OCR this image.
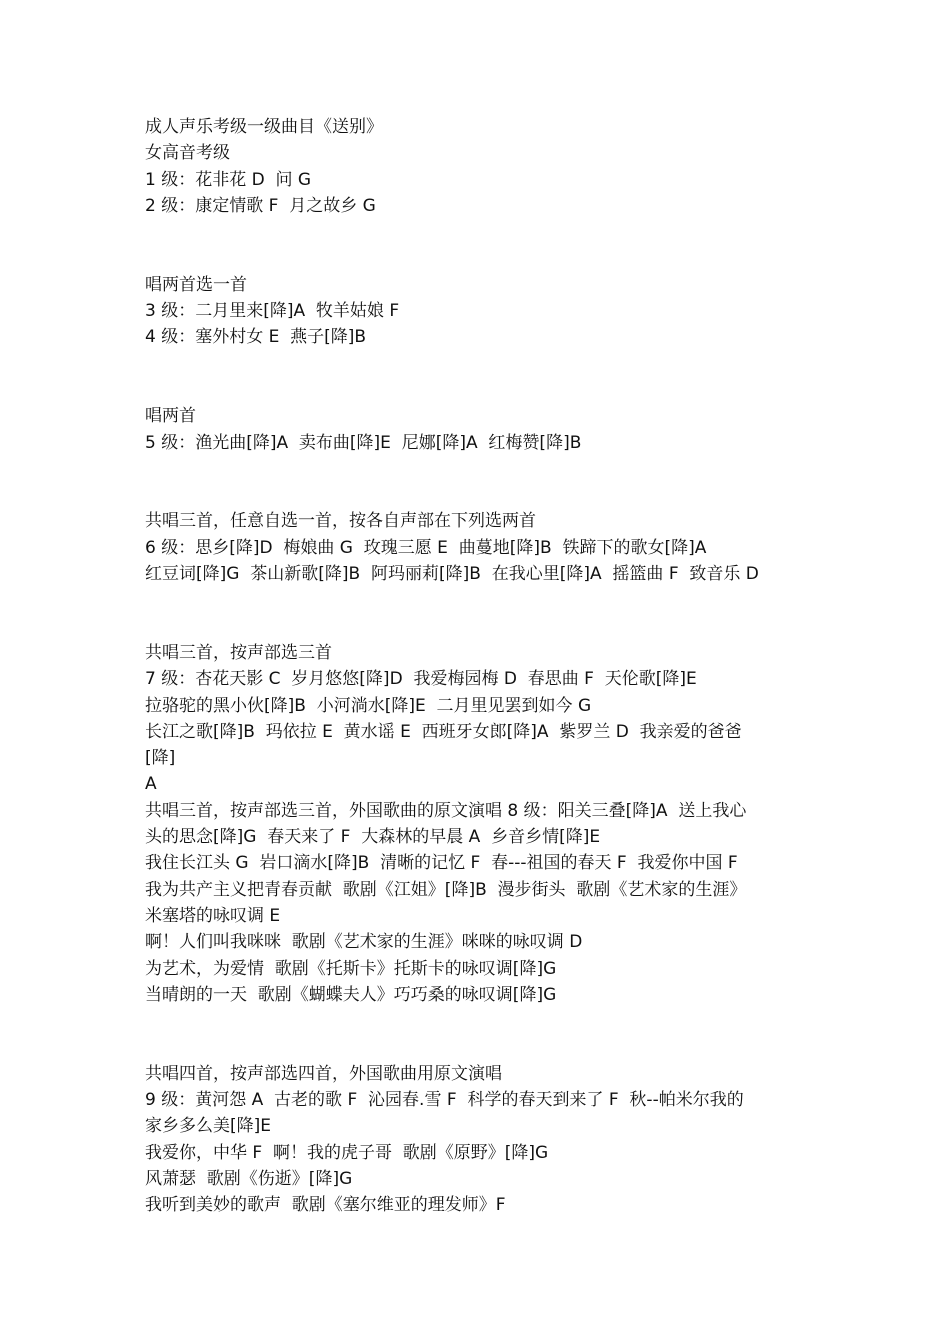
成人声乐考级一级曲目《送别》
女高音考级
1 级：花非花 D  问 G
2 级：康定情歌 F  月之故乡 G
唱两首选一首
3 级：二月里来[降]A  牧羊姑娘 F
4 级：塞外村女 E  燕子[降]B
唱两首
5 级：渔光曲[降]A  卖布曲[降]E  尼娜[降]A  红梅赞[降]B
共唱三首，任意自选一首，按各自声部在下列选两首
6 级：思乡[降]D  梅娘曲 G  玫瑰三愿 E  曲蔓地[降]B  铁蹄下的歌女[降]A
红豆词[降]G  茶山新歌[降]B  阿玛丽莉[降]B  在我心里[降]A  摇篮曲 F  致音乐 D
共唱三首，按声部选三首
7 级：杏花天影 C  岁月悠悠[降]D  我爱梅园梅 D  春思曲 F  天伦歌[降]E
拉骆驼的黑小伙[降]B  小河淌水[降]E  二月里见罢到如今 G
长江之歌[降]B  玛依拉 E  黄水谣 E  西班牙女郎[降]A  紫罗兰 D  我亲爱的爸爸
[降]
A
共唱三首，按声部选三首，外国歌曲的原文演唱 8 级：阳关三叠[降]A  送上我心
头的思念[降]G  春天来了 F  大森林的早晨 A  乡音乡情[降]E
我住长江头 G  岩口滴水[降]B  清晰的记忆 F  春---祖国的春天 F  我爱你中国 F
我为共产主义把青春贡献  歌剧《江姐》[降]B  漫步街头  歌剧《艺术家的生涯》
米塞塔的咏叹调 E
啊！人们叫我咪咪  歌剧《艺术家的生涯》咪咪的咏叹调 D
为艺术，为爱情  歌剧《托斯卡》托斯卡的咏叹调[降]G
当晴朗的一天  歌剧《蝴蝶夫人》巧巧桑的咏叹调[降]G
共唱四首，按声部选四首，外国歌曲用原文演唱
9 级：黄河怨 A  古老的歌 F  沁园春.雪 F  科学的春天到来了 F  秋--帕米尔我的
家乡多么美[降]E
我爱你，中华 F  啊！我的虎子哥  歌剧《原野》[降]G
风萧瑟  歌剧《伤逝》[降]G
我听到美妙的歌声  歌剧《塞尔维亚的理发师》F
